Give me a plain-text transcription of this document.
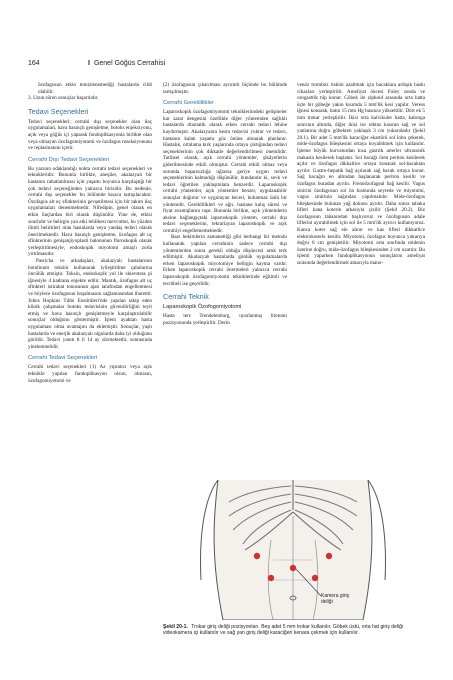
164	I Genel Göğüs Cerrahisi

özofagusun etkin temizlenemediği hastalarda cildi olabilir.

3. Uzun süren sonuçlar başarılıdır.

Tedavi Seçenekleri

Tedavi seçenekleri; cerrahi dışı seçenekler olan ilaç uygulamaları, hava basınçlı genişletme, botoks enjeksiyonu, açık veya göğüs içi yaparak fundoplikasyonla birlikte olan veya olmayan özofagomiyotomi ve özofagus rezeksiyonunu ve replasmanını içerir.

Cerrahi Dışı Tedavi Seçenekleri

Bu yazının odaklandığı nokta cerrahi tedavi seçenekleri ve teknikleridir. Bununla birlikte, aneşiler, akalazyalı bir hastanın rahatlatılması için yaşamı boyunca karşılaştığı bir çok tedavi seçeneğinden yalnızca birisidir. Bu nedenle, cerrahi dışı seçenekler bu bölümde kısaca tartışılacaktır. Özofagus alt uç sfinkterinin gevşetilmesi için bir takım ilaç uygulamaları denenmektedir. Nifedipin, genel olarak en etkin ilaçlardan biri olarak düşünülür. Yine de, etkisi sınırlıdır ve belirgin yan etki tehlikesi mevcuttur, bu yüzden ilimli belirtileri olan hastalarda veya yandaş tedavi olarak önerilmektedir. Hava basınçlı genişletme, özofagus alt uç sfinkterinin genişanjiyoplasti balonunun floroskopik olarak yerleştirilmesiyle, endoskopik miyotomi amaçlı zorla yırtılmasıdır.

Pasricha ve arkadaşları, akalazyalı hastalarının botulinum toksini kullanarak iyileştirilme çabalarına öncülük etmiştir. Toksin, endoskopik yol ile sklerotera pi iğnesiyle 4 kadrana enjekte edilir. Mantık, özofagus alt uç sfinkteri istirahat tonusunun ajan tarafından engellenmesi ve böylece özofagusun boşalmasını sağlamasından ibarettir. Johns Hopkins Tıbbi Enstitüleri'nde yapılan takip eden klinik çalışmalar botoks tedavisinin güvenilirliğini teyit etmiş ve hava basınçlı genişletmeyle karşılaştırılabilir sonuçlar olduğunu göstermiştir. İşlem ayaktan hasta uygulaması olma avantajını da eklemiştir. Sonuçlar, yaşlı hastalarda ve enerjik akalazyalı olgularda daha iyi olduğunu görülür. Tedavi yanıtı 8 il 14 ay sürmektedir, sonrasında yinelenmelidir.

Cerrahi Tedavi Seçenekleri

Cerrahi tedavi seçenekleri (1) Az yıpratıcı veya açık teknikle yapılan fundoplikasyon olsun, olmasın, özofagomiyotomi ve

(2) özofagusun çıkarılması ayrıntılı biçimde bu bölümde tartışılmıştır.

Cerrahi Gereklilikler

Laparoskopik özofagomiyotomi teknikleriındeki gelişmeler kar zarar dengesini özellikle diğer yöntemden sağlıklı hastalarda dramatik olarak erken cerrahi tedavi lehine kaydırmıştır. Akalazyanın kesin tedavisi yoktur ve tedavi, hastanın kalan yaşamı göz önüne alınarak planlanır. Hastalık, ortalama kırk yaşlarında ortaya çıktığından tedavi seçeneklerinin çok dikkatle değerlendirilmesi önemlidir. Tarihsel olarak, açık cerrahi yöntemler, şikâyetlerin giderilmesinde etkili olmuştur. Cerrahi etkili olmaz veya sorunda başarısızlığa uğrarsa geriye uygun tedavi seçeneklerinin kalmadığı düşünülür, bundandır ki, sevk ve tedavi öğretilen yaklaşımlara benzerdir. Laparoskopik cerrahi yöntemler, açık yöntemler benzer, uygulanabilir sonuçlar doğurur ve uygulayan beceri, bulunmaz ünlü bir yöntemdir. Gereklilikleri ve ağrı, hastane kalış süresi ve fiyat avantajlarını taşır. Bununla birlikte, açık yöntemlerin aksine bağlangıçtaki laparoskopik yöntem, cerrahi dışı tedavi seçeneklerini, tekrarlayan laparoskopik ve açık cerrahiyi engellememektedir.

Bazı hekimlerin zamanettiği gibi herhangi bir metodu kullanarak yapılan cerrahinin sadece cerrahi dışı yöntemlerden sonra gerekli olduğu düşüncesi artık terk edilmiştir. Akalazyalı hastalarda günlük uygulamalarda erken laparoskopik miyotomiye belirgin kayma vardır. Erken laparoskopik cerrahi önermeleri yalnızca cerrahi laparoskopik özofagomiyotomi tekniklerinde eğitimli ve tecrübeli ise geçerlidir.

Cerrahi Teknik
Laparoskopik Özofogomiyotomi

Hasta ters Trendelenburg, uyarlanmış litotomi pozisyonunda yerleştirilir. Derin

venöz tromboz riskini azaltmak için bacaklara ardışık baskı cihazları yerleştirilir. Ameliyat öncesi Foley sonda ve orogastrik tüp konur. Göbek ile ziphoid arasında orta hatta üçte bir göbeğe yakın kısımda 5 mm'lik kesi yapılır. Veress iğnesi konarak, batın 15 mm Hg basınca yükseltilir. Dört ek 5 mm trokar yerleştirilir. İkisi orta kalvikuler hatta, kaburga sınırının altında, diğer ikisi ise rektus kasının sağ ve sol yanlarına doğru göbekten yaklaşık 3 cm yukarıdadır (Şekil 20.1). Bir adet 5 mm'lik karaciğer ekartörü sol lobu çekerek, mide-özofagus bileşkesini ortaya koyabilmek için kullanılır. İşleme büyük kurvaturdan kısa gastrik arterler ultrasonik makasla kesilerek başlanır. Sol bacağı ören periton kesilerek açılır ve özofagus dikkatlice ortaya konarak sol-bacaktan ayrılır. Gastro-hepatik bağ açılarak sağ bacak ortaya konur. Sağ bacağın en altından başlanarak periton kesilir ve özofagus buradan ayrılır. Frenoözofageal bağ kesilir. Vagus sinirini özofagusun sol ön kısmında seyrede ve miyotomi, vagus sinirinin sağından yapılmalıdır. Mide-özofagus bileşkesinde bulunan yağ dokusu ayrılır. Daha sonra tabaka lifleri kana koterin arkasıyla çizilir (Şekil 20.2). Biz özofagusun tabanından başlıyoruz ve özofagusun adale liflerini ayırabilmek için sol ile 5 mm'lik ayırıcı kullanıyoruz. Kanca koter sağ ele alınır ve kas lifleri dikkatlice elektrokoterle kesilir. Miyotomi, özofagus boyunca yukarıya doğru 6 cm genişletilir. Miyotomi orta sınıfında midenin üzerine doğru, mide-özofagus bileşkesinden 2 cm uzatılır. Bu işlemi yaparken fundoplikasyonun sonuçlarını ameliyat sırasında değerlendirmek amacıyla mano-

Kamera giriş deliği
Şekil 20-1. Trokar giriş deliği pozisyonları. Beş adet 5 mm trokar kullanılır. Göbek üstü, orta hat giriş deliği videokamera içi kullanılır ve sağ yan giriş deliği karaciğeri kenara çekmek için kullanılır.
